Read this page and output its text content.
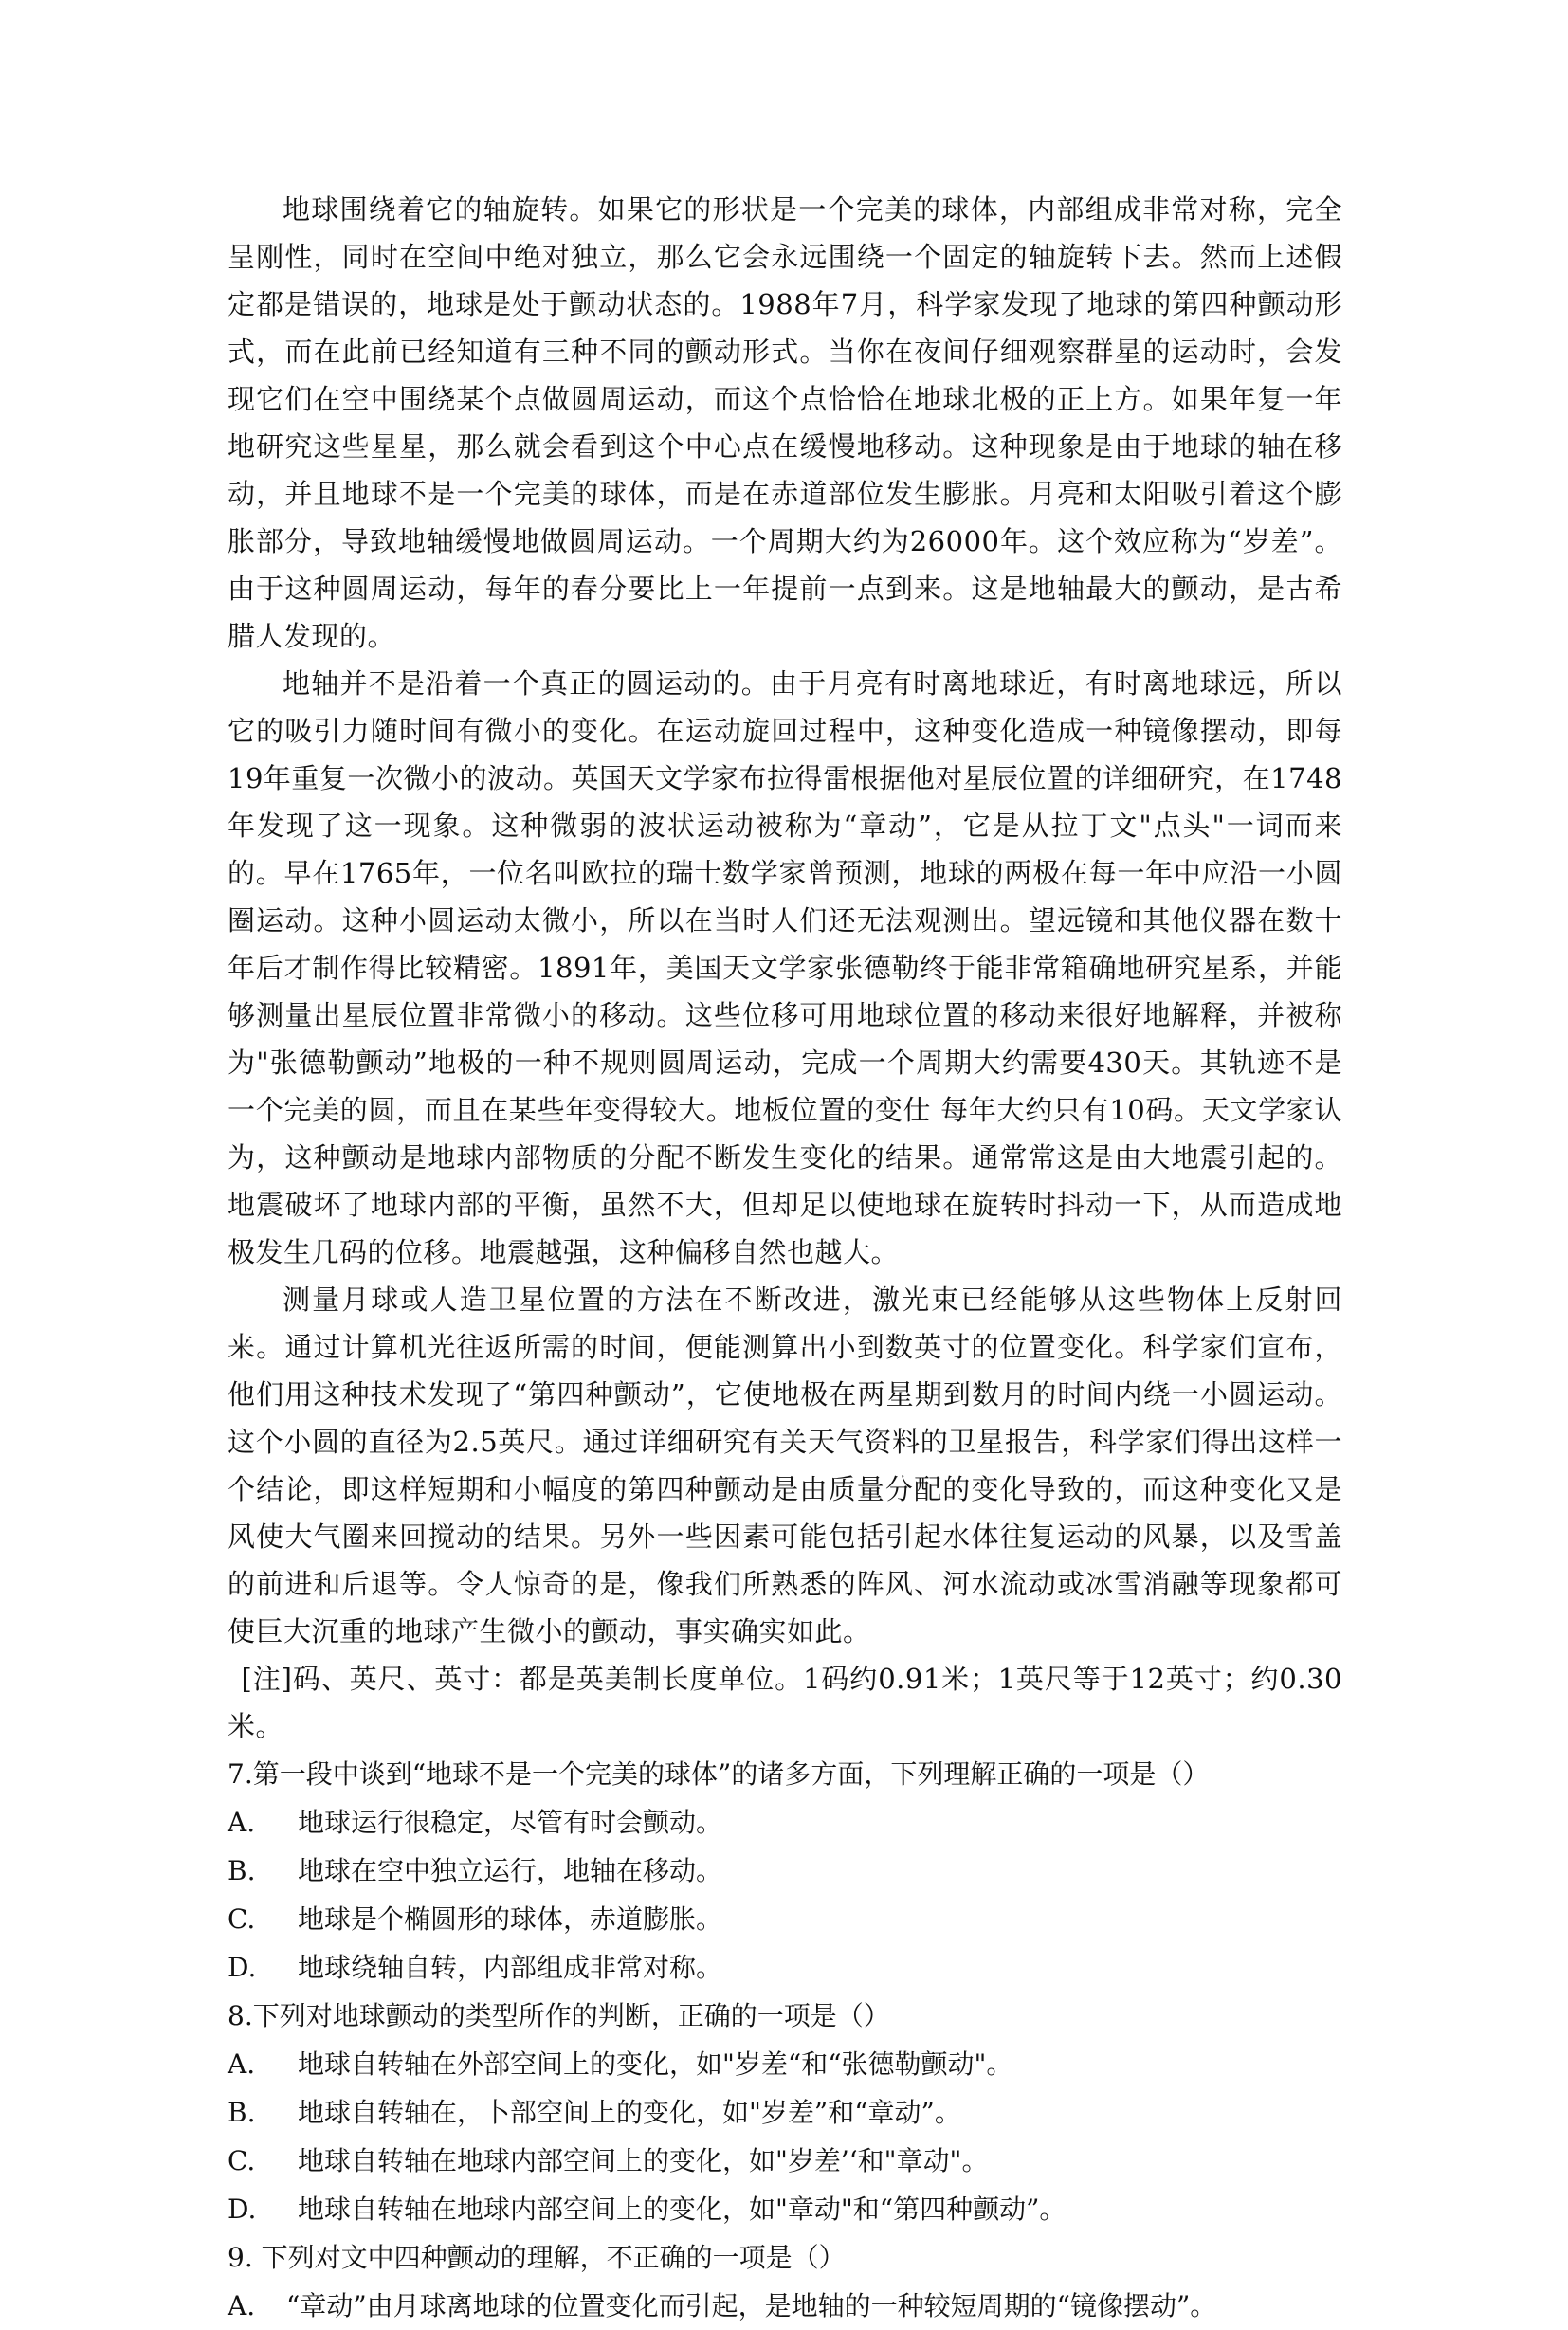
地球围绕着它的轴旋转。如果它的形状是一个完美的球体，内部组成非常对称，完全呈刚性，同时在空间中绝对独立，那么它会永远围绕一个固定的轴旋转下去。然而上述假定都是错误的，地球是处于颤动状态的。1988年7月，科学家发现了地球的第四种颤动形式，而在此前已经知道有三种不同的颤动形式。当你在夜间仔细观察群星的运动时，会发现它们在空中围绕某个点做圆周运动，而这个点恰恰在地球北极的正上方。如果年复一年地研究这些星星，那么就会看到这个中心点在缓慢地移动。这种现象是由于地球的轴在移动，并且地球不是一个完美的球体，而是在赤道部位发生膨胀。月亮和太阳吸引着这个膨胀部分，导致地轴缓慢地做圆周运动。一个周期大约为26000年。这个效应称为“岁差”。由于这种圆周运动，每年的春分要比上一年提前一点到来。这是地轴最大的颤动，是古希腊人发现的。

地轴并不是沿着一个真正的圆运动的。由于月亮有时离地球近，有时离地球远，所以它的吸引力随时间有微小的变化。在运动旋回过程中，这种变化造成一种镜像摆动，即每19年重复一次微小的波动。英国天文学家布拉得雷根据他对星辰位置的详细研究，在1748年发现了这一现象。这种微弱的波状运动被称为“章动”，它是从拉丁文"点头"一词而来的。早在1765年，一位名叫欧拉的瑞士数学家曾预测，地球的两极在每一年中应沿一小圆圈运动。这种小圆运动太微小，所以在当时人们还无法观测出。望远镜和其他仪器在数十年后才制作得比较精密。1891年，美国天文学家张德勒终于能非常箱确地研究星系，并能够测量出星辰位置非常微小的移动。这些位移可用地球位置的移动来很好地解释，并被称为"张德勒颤动”地极的一种不规则圆周运动，完成一个周期大约需要430天。其轨迹不是一个完美的圆，而且在某些年变得较大。地板位置的变仕 每年大约只有10码。天文学家认为，这种颤动是地球内部物质的分配不断发生变化的结果。通常常这是由大地震引起的。地震破坏了地球内部的平衡，虽然不大，但却足以使地球在旋转时抖动一下，从而造成地极发生几码的位移。地震越强，这种偏移自然也越大。

测量月球或人造卫星位置的方法在不断改进，激光束已经能够从这些物体上反射回来。通过计算机光往返所需的时间，便能测算出小到数英寸的位置变化。科学家们宣布，他们用这种技术发现了“第四种颤动”，它使地极在两星期到数月的时间内绕一小圆运动。这个小圆的直径为2.5英尺。通过详细研究有关天气资料的卫星报告，科学家们得出这样一个结论，即这样短期和小幅度的第四种颤动是由质量分配的变化导致的，而这种变化又是风使大气圈来回搅动的结果。另外一些因素可能包括引起水体往复运动的风暴，以及雪盖的前进和后退等。令人惊奇的是，像我们所熟悉的阵风、河水流动或冰雪消融等现象都可使巨大沉重的地球产生微小的颤动，事实确实如此。

[注]码、英尺、英寸：都是英美制长度单位。1码约0.91米；1英尺等于12英寸；约0.30米。

7.第一段中谈到“地球不是一个完美的球体”的诸多方面，下列理解正确的一项是（）

A.	地球运行很稳定，尽管有时会颤动。

B.	地球在空中独立运行，地轴在移动。

C.	地球是个椭圆形的球体，赤道膨胀。

D.	地球绕轴自转，内部组成非常对称。

8.下列对地球颤动的类型所作的判断，正确的一项是（）

A.	地球自转轴在外部空间上的变化，如"岁差“和“张德勒颤动"。

B.	地球自转轴在，卜部空间上的变化，如"岁差”和“章动”。

C.	地球自转轴在地球内部空间上的变化，如"岁差’‘和"章动"。

D.	地球自转轴在地球内部空间上的变化，如"章动"和“第四种颤动”。

9. 下列对文中四种颤动的理解，不正确的一项是（）

A.	“章动”由月球离地球的位置变化而引起，是地轴的一种较短周期的“镜像摆动”。
